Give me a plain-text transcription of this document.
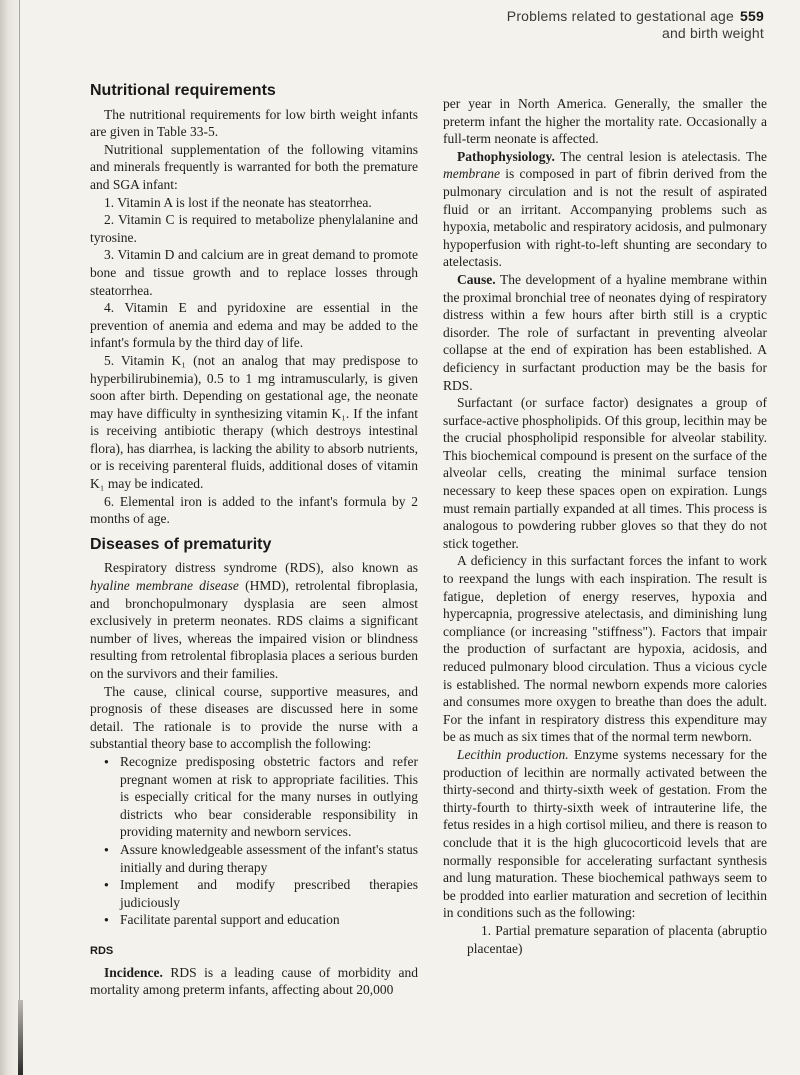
Problems related to gestational age 559
and birth weight
Nutritional requirements

The nutritional requirements for low birth weight infants are given in Table 33-5.

Nutritional supplementation of the following vitamins and minerals frequently is warranted for both the premature and SGA infant:

1. Vitamin A is lost if the neonate has steatorrhea.

2. Vitamin C is required to metabolize phenylalanine and tyrosine.

3. Vitamin D and calcium are in great demand to promote bone and tissue growth and to replace losses through steatorrhea.

4. Vitamin E and pyridoxine are essential in the prevention of anemia and edema and may be added to the infant's formula by the third day of life.

5. Vitamin K₁ (not an analog that may predispose to hyperbilirubinemia), 0.5 to 1 mg intramuscularly, is given soon after birth. Depending on gestational age, the neonate may have difficulty in synthesizing vitamin K₁. If the infant is receiving antibiotic therapy (which destroys intestinal flora), has diarrhea, is lacking the ability to absorb nutrients, or is receiving parenteral fluids, additional doses of vitamin K₁ may be indicated.

6. Elemental iron is added to the infant's formula by 2 months of age.

Diseases of prematurity

Respiratory distress syndrome (RDS), also known as hyaline membrane disease (HMD), retrolental fibroplasia, and bronchopulmonary dysplasia are seen almost exclusively in preterm neonates. RDS claims a significant number of lives, whereas the impaired vision or blindness resulting from retrolental fibroplasia places a serious burden on the survivors and their families.

The cause, clinical course, supportive measures, and prognosis of these diseases are discussed here in some detail. The rationale is to provide the nurse with a substantial theory base to accomplish the following:

● Recognize predisposing obstetric factors and refer pregnant women at risk to appropriate facilities. This is especially critical for the many nurses in outlying districts who bear considerable responsibility in providing maternity and newborn services.
● Assure knowledgeable assessment of the infant's status initially and during therapy
● Implement and modify prescribed therapies judiciously
● Facilitate parental support and education
RDS

Incidence. RDS is a leading cause of morbidity and mortality among preterm infants, affecting about 20,000

per year in North America. Generally, the smaller the preterm infant the higher the mortality rate. Occasionally a full-term neonate is affected.

Pathophysiology. The central lesion is atelectasis. The membrane is composed in part of fibrin derived from the pulmonary circulation and is not the result of aspirated fluid or an irritant. Accompanying problems such as hypoxia, metabolic and respiratory acidosis, and pulmonary hypoperfusion with right-to-left shunting are secondary to atelectasis.

Cause. The development of a hyaline membrane within the proximal bronchial tree of neonates dying of respiratory distress within a few hours after birth still is a cryptic disorder. The role of surfactant in preventing alveolar collapse at the end of expiration has been established. A deficiency in surfactant production may be the basis for RDS.

Surfactant (or surface factor) designates a group of surface-active phospholipids. Of this group, lecithin may be the crucial phospholipid responsible for alveolar stability. This biochemical compound is present on the surface of the alveolar cells, creating the minimal surface tension necessary to keep these spaces open on expiration. Lungs must remain partially expanded at all times. This process is analogous to powdering rubber gloves so that they do not stick together.

A deficiency in this surfactant forces the infant to work to reexpand the lungs with each inspiration. The result is fatigue, depletion of energy reserves, hypoxia and hypercapnia, progressive atelectasis, and diminishing lung compliance (or increasing "stiffness"). Factors that impair the production of surfactant are hypoxia, acidosis, and reduced pulmonary blood circulation. Thus a vicious cycle is established. The normal newborn expends more calories and consumes more oxygen to breathe than does the adult. For the infant in respiratory distress this expenditure may be as much as six times that of the normal term newborn.

Lecithin production. Enzyme systems necessary for the production of lecithin are normally activated between the thirty-second and thirty-sixth week of gestation. From the thirty-fourth to thirty-sixth week of intrauterine life, the fetus resides in a high cortisol milieu, and there is reason to conclude that it is the high glucocorticoid levels that are normally responsible for accelerating surfactant synthesis and lung maturation. These biochemical pathways seem to be prodded into earlier maturation and secretion of lecithin in conditions such as the following:

1. Partial premature separation of placenta (abruptio placentae)
